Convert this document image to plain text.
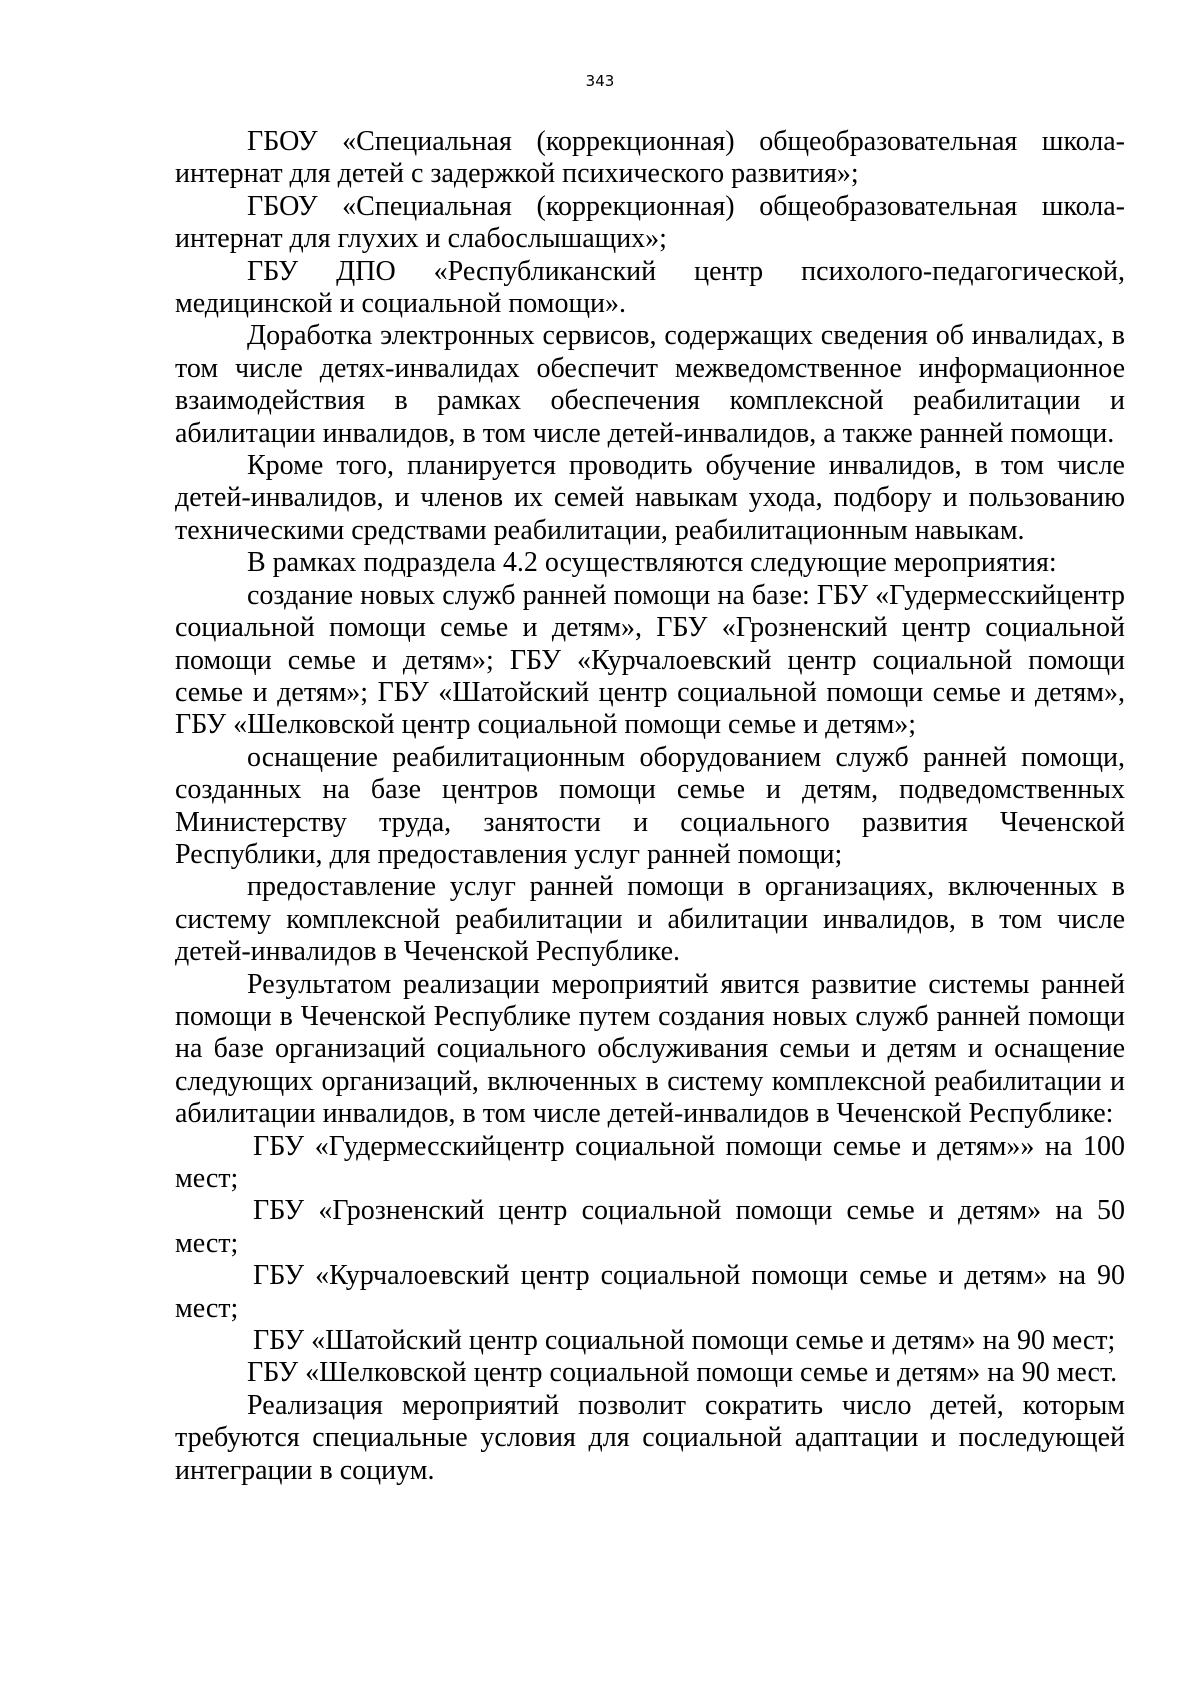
343

ГБОУ «Специальная (коррекционная) общеобразовательная школа-интернат для детей с задержкой психического развития»;

ГБОУ «Специальная (коррекционная) общеобразовательная школа-интернат для глухих и слабослышащих»;

ГБУ ДПО «Республиканский центр психолого-педагогической, медицинской и социальной помощи».

Доработка электронных сервисов, содержащих сведения об инвалидах, в том числе детях-инвалидах обеспечит межведомственное информационное взаимодействия в рамках обеспечения комплексной реабилитации и абилитации инвалидов, в том числе детей-инвалидов, а также ранней помощи.

Кроме того, планируется проводить обучение инвалидов, в том числе детей-инвалидов, и членов их семей навыкам ухода, подбору и пользованию техническими средствами реабилитации, реабилитационным навыкам.

В рамках подраздела 4.2 осуществляются следующие мероприятия:

создание новых служб ранней помощи на базе: ГБУ «Гудермесскийцентр социальной помощи семье и детям», ГБУ «Грозненский центр социальной помощи семье и детям»; ГБУ «Курчалоевский центр социальной помощи семье и детям»; ГБУ «Шатойский центр социальной помощи семье и детям», ГБУ «Шелковской центр социальной помощи семье и детям»;

оснащение реабилитационным оборудованием служб ранней помощи, созданных на базе центров помощи семье и детям, подведомственных Министерству труда, занятости и социального развития Чеченской Республики, для предоставления услуг ранней помощи;

предоставление услуг ранней помощи в организациях, включенных в систему комплексной реабилитации и абилитации инвалидов, в том числе детей-инвалидов в Чеченской Республике.

Результатом реализации мероприятий явится развитие системы ранней помощи в Чеченской Республике путем создания новых служб ранней помощи на базе организаций социального обслуживания семьи и детям и оснащение следующих организаций, включенных в систему комплексной реабилитации и абилитации инвалидов, в том числе детей-инвалидов в Чеченской Республике:

ГБУ «Гудермесскийцентр социальной помощи семье и детям»» на 100 мест;

ГБУ «Грозненский центр социальной помощи семье и детям» на 50 мест;

ГБУ «Курчалоевский центр социальной помощи семье и детям» на 90 мест;

ГБУ «Шатойский центр социальной помощи семье и детям» на 90 мест;

ГБУ «Шелковской центр социальной помощи семье и детям» на 90 мест.

Реализация мероприятий позволит сократить число детей, которым требуются специальные условия для социальной адаптации и последующей интеграции в социум.
